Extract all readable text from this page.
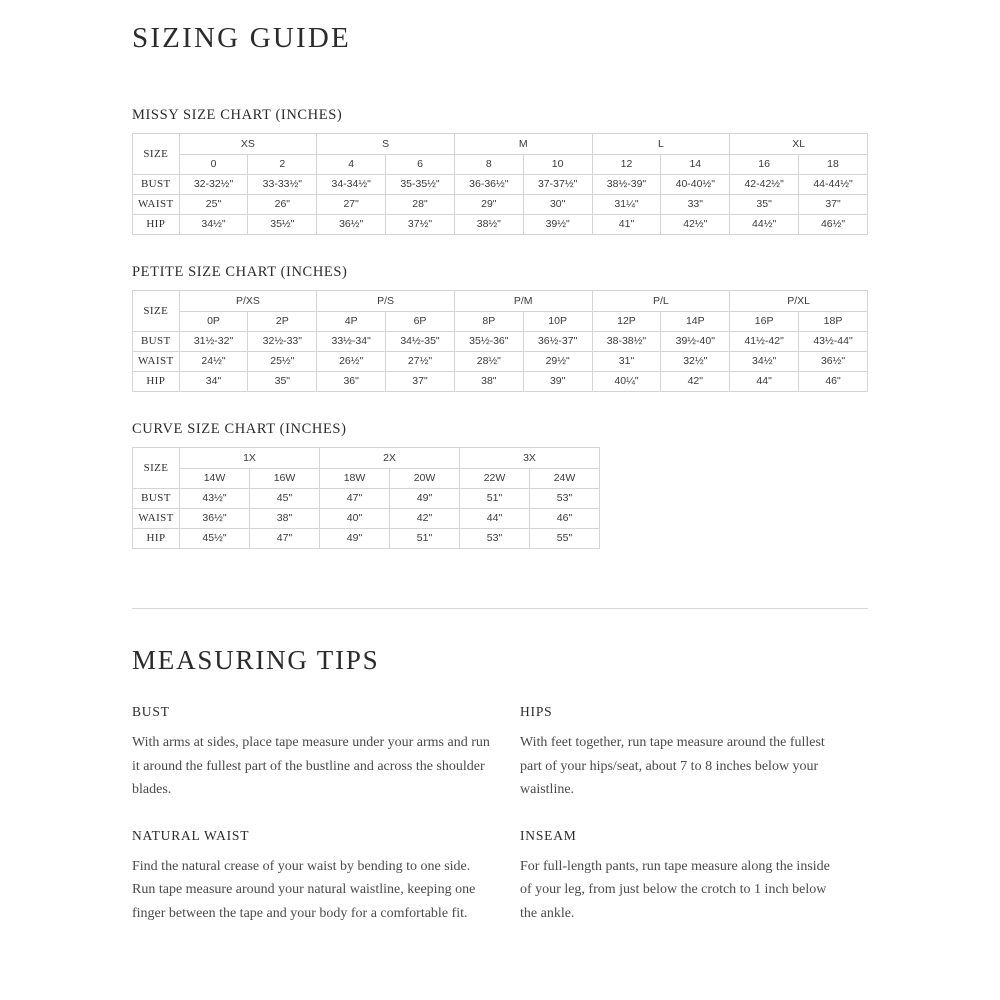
SIZING GUIDE
MISSY SIZE CHART (INCHES)
SIZE	XS		S		M		L		XL	
	0	2	4	6	8	10	12	14	16	18
BUST	32-32½"	33-33½"	34-34½"	35-35½"	36-36½"	37-37½"	38½-39"	40-40½"	42-42½"	44-44½"
WAIST	25"	26"	27"	28"	29"	30"	31¼"	33"	35"	37"
HIP	34½"	35½"	36½"	37½"	38½"	39½"	41"	42½"	44½"	46½"
PETITE SIZE CHART (INCHES)
SIZE	P/XS		P/S		P/M		P/L		P/XL	
	0P	2P	4P	6P	8P	10P	12P	14P	16P	18P
BUST	31½-32"	32½-33"	33½-34"	34½-35"	35½-36"	36½-37"	38-38½"	39½-40"	41½-42"	43½-44"
WAIST	24½"	25½"	26½"	27½"	28½"	29½"	31"	32½"	34½"	36½"
HIP	34"	35"	36"	37"	38"	39"	40¼"	42"	44"	46"
CURVE SIZE CHART (INCHES)
SIZE	1X		2X		3X	
	14W	16W	18W	20W	22W	24W
BUST	43½"	45"	47"	49"	51"	53"
WAIST	36½"	38"	40"	42"	44"	46"
HIP	45½"	47"	49"	51"	53"	55"
MEASURING TIPS
BUST

With arms at sides, place tape measure under your arms and run it around the fullest part of the bustline and across the shoulder blades.

HIPS

With feet together, run tape measure around the fullest part of your hips/seat, about 7 to 8 inches below your waistline.

NATURAL WAIST

Find the natural crease of your waist by bending to one side. Run tape measure around your natural waistline, keeping one finger between the tape and your body for a comfortable fit.

INSEAM

For full-length pants, run tape measure along the inside of your leg, from just below the crotch to 1 inch below the ankle.
